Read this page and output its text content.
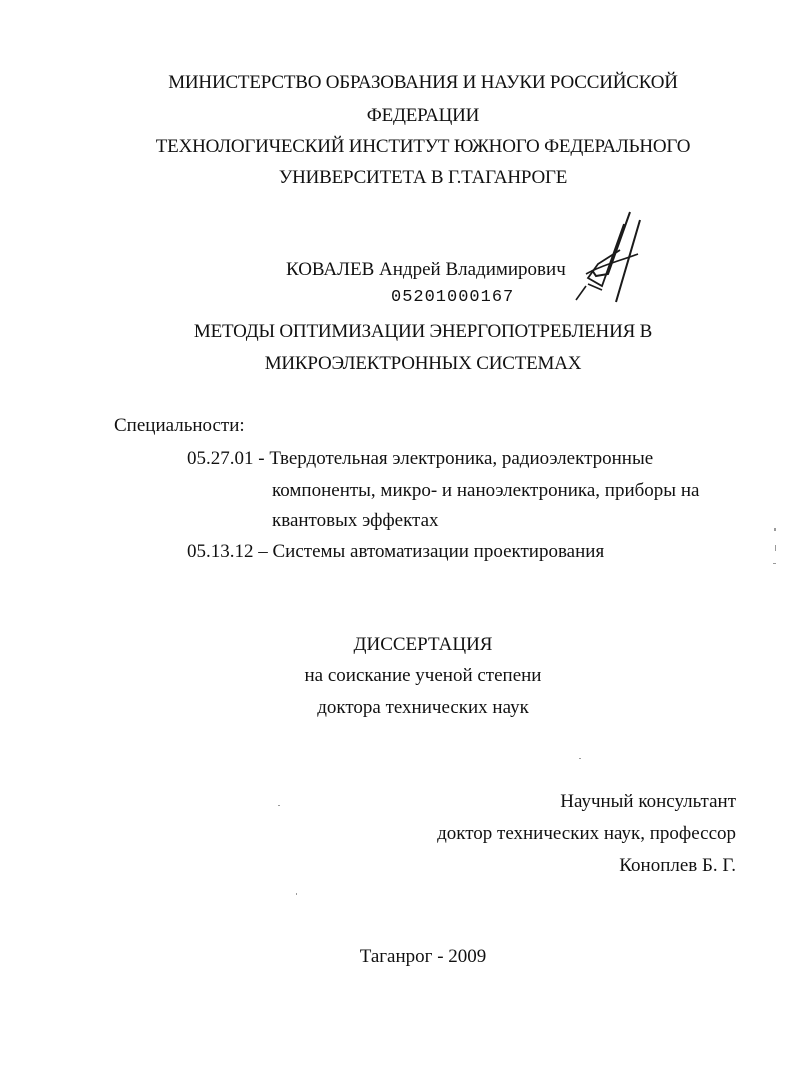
МИНИСТЕРСТВО ОБРАЗОВАНИЯ И НАУКИ РОССИЙСКОЙ
ФЕДЕРАЦИИ
ТЕХНОЛОГИЧЕСКИЙ ИНСТИТУТ ЮЖНОГО ФЕДЕРАЛЬНОГО
УНИВЕРСИТЕТА В Г.ТАГАНРОГЕ
КОВАЛЕВ Андрей Владимирович
05201000167
МЕТОДЫ ОПТИМИЗАЦИИ ЭНЕРГОПОТРЕБЛЕНИЯ В
МИКРОЭЛЕКТРОННЫХ СИСТЕМАХ
Специальности:
05.27.01 - Твердотельная электроника, радиоэлектронные
компоненты, микро- и наноэлектроника, приборы на
квантовых эффектах
05.13.12 – Системы автоматизации проектирования
ДИССЕРТАЦИЯ
на соискание ученой степени
доктора технических наук
Научный консультант
доктор технических наук, профессор
Коноплев Б. Г.
Таганрог - 2009
